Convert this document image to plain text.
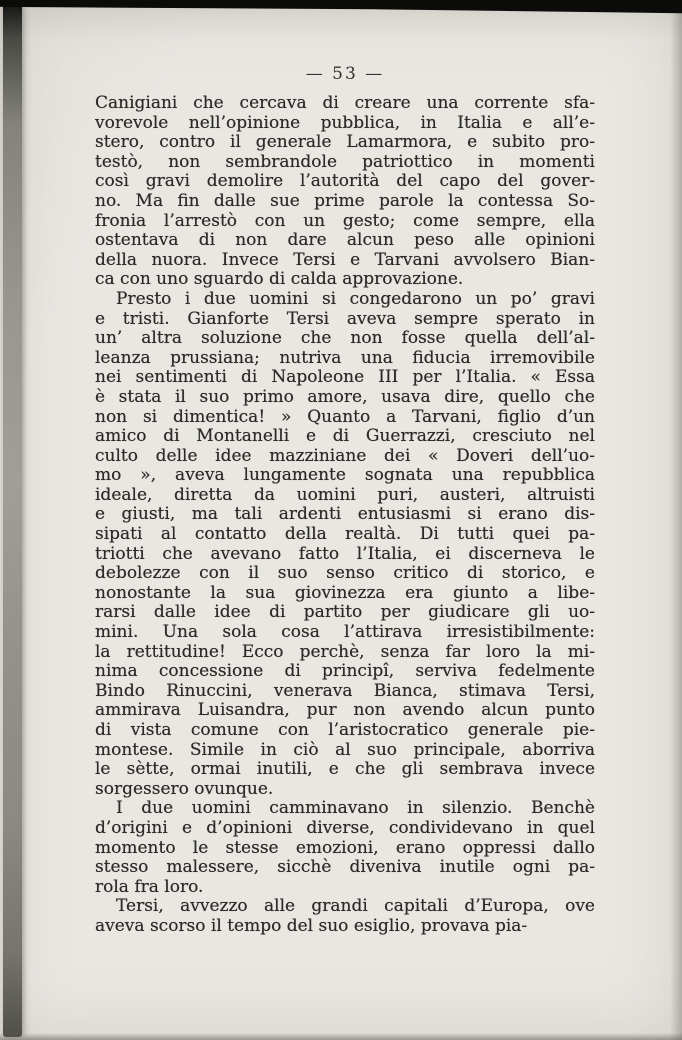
— 53 —
Canigiani che cercava di creare una corrente sfa-
vorevole nell’opinione pubblica, in Italia e all’e-
stero, contro il generale Lamarmora, e subito pro-
testò, non sembrandole patriottico in momenti
così gravi demolire l’autorità del capo del gover-
no. Ma fin dalle sue prime parole la contessa So-
fronia l’arrestò con un gesto; come sempre, ella
ostentava di non dare alcun peso alle opinioni
della nuora. Invece Tersi e Tarvani avvolsero Bian-
ca con uno sguardo di calda approvazione.
Presto i due uomini si congedarono un po’ gravi
e tristi. Gianforte Tersi aveva sempre sperato in
un’ altra soluzione che non fosse quella dell’al-
leanza prussiana; nutriva una fiducia irremovibile
nei sentimenti di Napoleone III per l’Italia. « Essa
è stata il suo primo amore, usava dire, quello che
non si dimentica! » Quanto a Tarvani, figlio d’un
amico di Montanelli e di Guerrazzi, cresciuto nel
culto delle idee mazziniane dei « Doveri dell’uo-
mo », aveva lungamente sognata una repubblica
ideale, diretta da uomini puri, austeri, altruisti
e giusti, ma tali ardenti entusiasmi si erano dis-
sipati al contatto della realtà. Di tutti quei pa-
triotti che avevano fatto l’Italia, ei discerneva le
debolezze con il suo senso critico di storico, e
nonostante la sua giovinezza era giunto a libe-
rarsi dalle idee di partito per giudicare gli uo-
mini. Una sola cosa l’attirava irresistibilmente:
la rettitudine! Ecco perchè, senza far loro la mi-
nima concessione di principî, serviva fedelmente
Bindo Rinuccini, venerava Bianca, stimava Tersi,
ammirava Luisandra, pur non avendo alcun punto
di vista comune con l’aristocratico generale pie-
montese. Simile in ciò al suo principale, aborriva
le sètte, ormai inutili, e che gli sembrava invece
sorgessero ovunque.
I due uomini camminavano in silenzio. Benchè
d’origini e d’opinioni diverse, condividevano in quel
momento le stesse emozioni, erano oppressi dallo
stesso malessere, sicchè diveniva inutile ogni pa-
rola fra loro.
Tersi, avvezzo alle grandi capitali d’Europa, ove
aveva scorso il tempo del suo esiglio, provava pia-
